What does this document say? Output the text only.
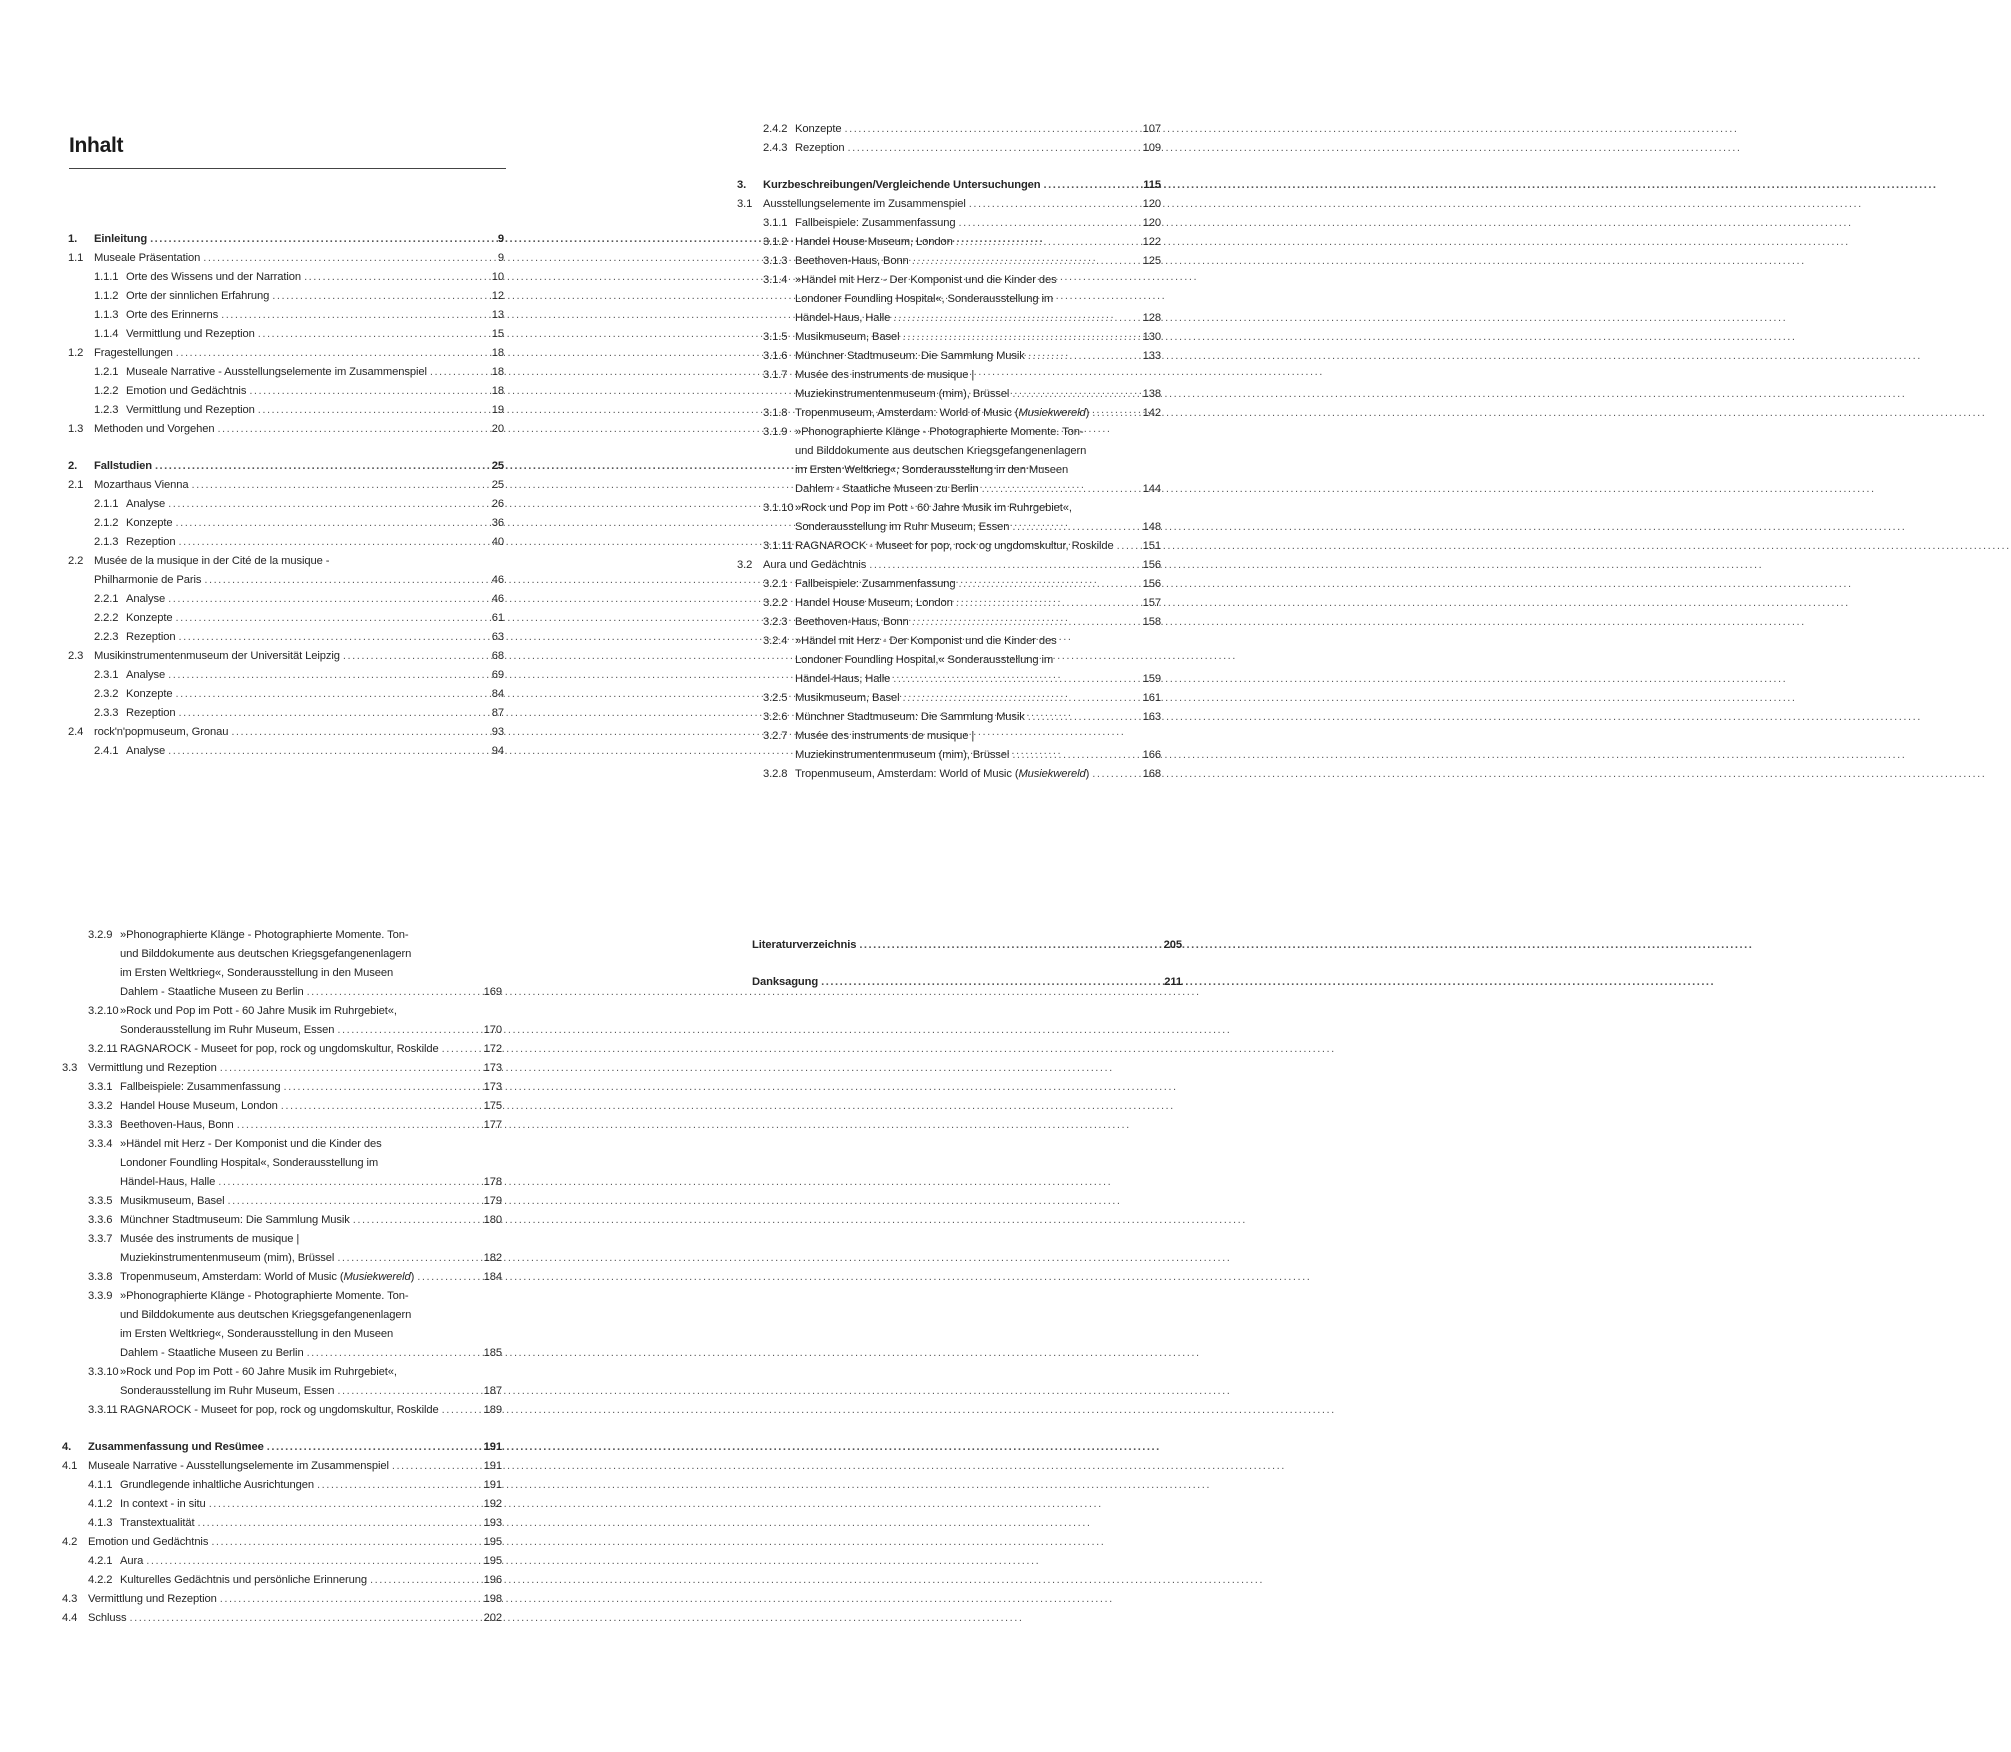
Inhalt
1.	Einleitung .....	9
1.1 Museale Präsentation .....	9
1.1.1 Orte des Wissens und der Narration .....	10
1.1.2 Orte der sinnlichen Erfahrung .....	12
1.1.3 Orte des Erinnerns .....	13
1.1.4 Vermittlung und Rezeption .....	15
1.2 Fragestellungen .....	18
1.2.1 Museale Narrative - Ausstellungselemente im Zusammenspiel .....	18
1.2.2 Emotion und Gedächtnis .....	18
1.2.3 Vermittlung und Rezeption .....	19
1.3 Methoden und Vorgehen .....	20
2.	Fallstudien .....	25
2.1 Mozarthaus Vienna .....	25
2.1.1 Analyse .....	26
2.1.2 Konzepte .....	36
2.1.3 Rezeption .....	40
2.2 Musée de la musique in der Cité de la musique -
Philharmonie de Paris .....	46
2.2.1 Analyse .....	46
2.2.2 Konzepte .....	61
2.2.3 Rezeption .....	63
2.3 Musikinstrumentenmuseum der Universität Leipzig .....	68
2.3.1 Analyse .....	69
2.3.2 Konzepte .....	84
2.3.3 Rezeption .....	87
2.4 rock'n'popmuseum, Gronau .....	93
2.4.1 Analyse .....	94
2.4.2 Konzepte .....	107
2.4.3 Rezeption .....	109
3.	Kurzbeschreibungen/Vergleichende Untersuchungen .....	115
3.1 Ausstellungselemente im Zusammenspiel .....	120
3.1.1 Fallbeispiele: Zusammenfassung .....	120
3.1.2 Handel House Museum, London .....	122
3.1.3 Beethoven-Haus, Bonn .....	125
3.1.4 »Händel mit Herz - Der Komponist und die Kinder des
Londoner Foundling Hospital«, Sonderausstellung im
Händel-Haus, Halle .....	128
3.1.5 Musikmuseum, Basel .....	130
3.1.6 Münchner Stadtmuseum: Die Sammlung Musik .....	133
3.1.7 Musée des instruments de musique |
Muziekinstrumentenmuseum (mim), Brüssel .....	138
3.1.8 Tropenmuseum, Amsterdam: World of Music (Musiekwereld) .....	142
3.1.9 »Phonographierte Klänge - Photographierte Momente. Ton-
und Bilddokumente aus deutschen Kriegsgefangenenlagern
im Ersten Weltkrieg«, Sonderausstellung in den Museen
Dahlem - Staatliche Museen zu Berlin .....	144
3.1.10 »Rock und Pop im Pott - 60 Jahre Musik im Ruhrgebiet«,
Sonderausstellung im Ruhr Museum, Essen .....	148
3.1.11 RAGNAROCK - Museet for pop, rock og ungdomskultur, Roskilde .....	151
3.2 Aura und Gedächtnis .....	156
3.2.1 Fallbeispiele: Zusammenfassung .....	156
3.2.2 Handel House Museum, London .....	157
3.2.3 Beethoven-Haus, Bonn .....	158
3.2.4 »Händel mit Herz - Der Komponist und die Kinder des
Londoner Foundling Hospital,« Sonderausstellung im
Händel-Haus, Halle .....	159
3.2.5 Musikmuseum, Basel .....	161
3.2.6 Münchner Stadtmuseum: Die Sammlung Musik .....	163
3.2.7 Musée des instruments de musique |
Muziekinstrumentenmuseum (mim), Brüssel .....	166
3.2.8 Tropenmuseum, Amsterdam: World of Music (Musiekwereld) .....	168
3.2.9 »Phonographierte Klänge - Photographierte Momente. Ton-
und Bilddokumente aus deutschen Kriegsgefangenenlagern
im Ersten Weltkrieg«, Sonderausstellung in den Museen
Dahlem - Staatliche Museen zu Berlin .....	169
3.2.10 »Rock und Pop im Pott - 60 Jahre Musik im Ruhrgebiet«,
Sonderausstellung im Ruhr Museum, Essen .....	170
3.2.11 RAGNAROCK - Museet for pop, rock og ungdomskultur, Roskilde .....	172
3.3 Vermittlung und Rezeption .....	173
3.3.1 Fallbeispiele: Zusammenfassung .....	173
3.3.2 Handel House Museum, London .....	175
3.3.3 Beethoven-Haus, Bonn .....	177
3.3.4 »Händel mit Herz - Der Komponist und die Kinder des
Londoner Foundling Hospital«, Sonderausstellung im
Händel-Haus, Halle .....	178
3.3.5 Musikmuseum, Basel .....	179
3.3.6 Münchner Stadtmuseum: Die Sammlung Musik .....	180
3.3.7 Musée des instruments de musique |
Muziekinstrumentenmuseum (mim), Brüssel .....	182
3.3.8 Tropenmuseum, Amsterdam: World of Music (Musiekwereld) .....	184
3.3.9 »Phonographierte Klänge - Photographierte Momente. Ton-
und Bilddokumente aus deutschen Kriegsgefangenenlagern
im Ersten Weltkrieg«, Sonderausstellung in den Museen
Dahlem - Staatliche Museen zu Berlin .....	185
3.3.10 »Rock und Pop im Pott - 60 Jahre Musik im Ruhrgebiet«,
Sonderausstellung im Ruhr Museum, Essen .....	187
3.3.11 RAGNAROCK - Museet for pop, rock og ungdomskultur, Roskilde .....	189
4.	Zusammenfassung und Resümee .....	191
4.1 Museale Narrative - Ausstellungselemente im Zusammenspiel .....	191
4.1.1 Grundlegende inhaltliche Ausrichtungen .....	191
4.1.2 In context - in situ .....	192
4.1.3 Transtextualität .....	193
4.2 Emotion und Gedächtnis .....	195
4.2.1 Aura .....	195
4.2.2 Kulturelles Gedächtnis und persönliche Erinnerung .....	196
4.3 Vermittlung und Rezeption .....	198
4.4 Schluss .....	202
Literaturverzeichnis .....	205
Danksagung .....	211
